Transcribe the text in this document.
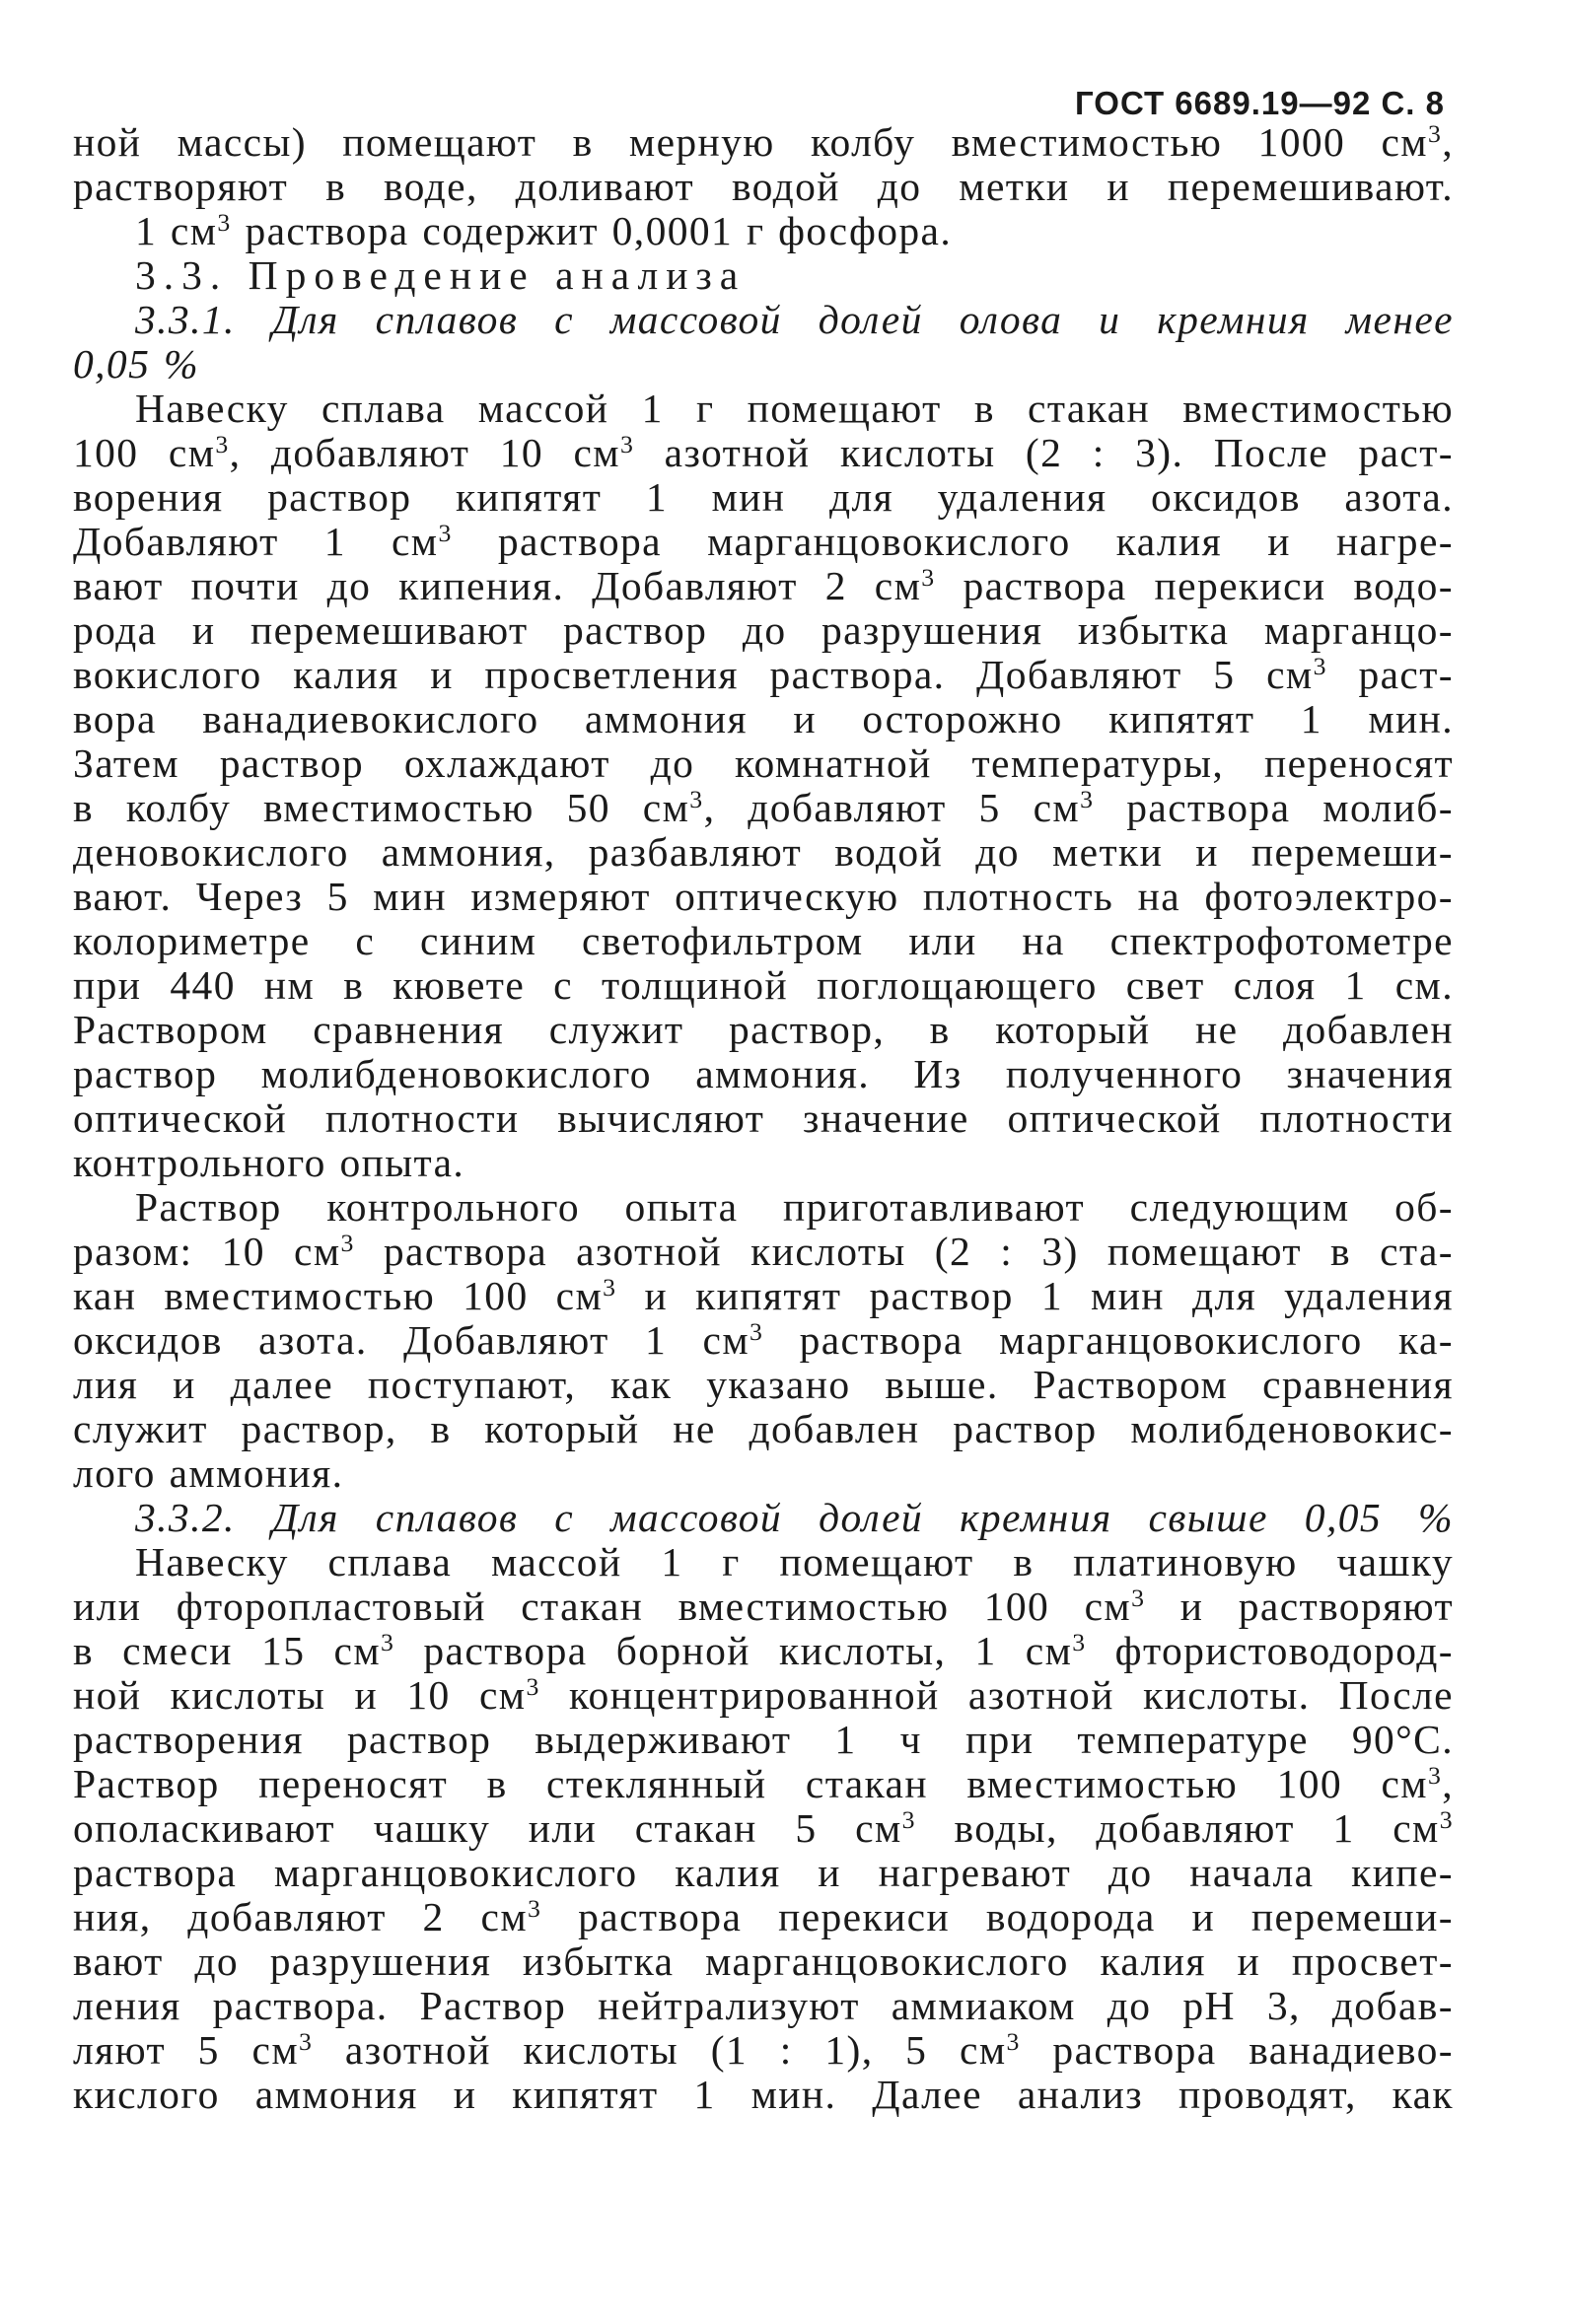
ГОСТ 6689.19—92 С. 8
ной массы) помещают в мерную колбу вместимостью 1000 $см^3$,
растворяют в воде, доливают водой до метки и перемешивают.
1 $см^3$ раствора содержит 0,0001 г фосфора.
3.3. Проведение анализа
3.3.1. Для сплавов с массовой долей олова и кремния менее
0,05 %
Навеску сплава массой 1 г помещают в стакан вместимостью
100 $см^3$, добавляют 10 $см^3$ азотной кислоты (2 : 3). После раст-
ворения раствор кипятят 1 мин для удаления оксидов азота.
Добавляют 1 $см^3$ раствора марганцовокислого калия и нагре-
вают почти до кипения. Добавляют 2 $см^3$ раствора перекиси водо-
рода и перемешивают раствор до разрушения избытка марганцо-
вокислого калия и просветления раствора. Добавляют 5 $см^3$ раст-
вора ванадиевокислого аммония и осторожно кипятят 1 мин.
Затем раствор охлаждают до комнатной температуры, переносят
в колбу вместимостью 50 $см^3$, добавляют 5 $см^3$ раствора молиб-
деновокислого аммония, разбавляют водой до метки и перемеши-
вают. Через 5 мин измеряют оптическую плотность на фотоэлектро-
колориметре с синим светофильтром или на спектрофотометре
при 440 нм в кювете с толщиной поглощающего свет слоя 1 см.
Раствором сравнения служит раствор, в который не добавлен
раствор молибденовокислого аммония. Из полученного значения
оптической плотности вычисляют значение оптической плотности
контрольного опыта.
Раствор контрольного опыта приготавливают следующим об-
разом: 10 $см^3$ раствора азотной кислоты (2 : 3) помещают в ста-
кан вместимостью 100 $см^3$ и кипятят раствор 1 мин для удаления
оксидов азота. Добавляют 1 $см^3$ раствора марганцовокислого ка-
лия и далее поступают, как указано выше. Раствором сравнения
служит раствор, в который не добавлен раствор молибденовокис-
лого аммония.
3.3.2. Для сплавов с массовой долей кремния свыше 0,05 %
Навеску сплава массой 1 г помещают в платиновую чашку
или фторопластовый стакан вместимостью 100 $см^3$ и растворяют
в смеси 15 $см^3$ раствора борной кислоты, 1 $см^3$ фтористоводород-
ной кислоты и 10 $см^3$ концентрированной азотной кислоты. После
растворения раствор выдерживают 1 ч при температуре 90°С.
Раствор переносят в стеклянный стакан вместимостью 100 $см^3$,
ополаскивают чашку или стакан 5 $см^3$ воды, добавляют 1 $см^3$
раствора марганцовокислого калия и нагревают до начала кипе-
ния, добавляют 2 $см^3$ раствора перекиси водорода и перемеши-
вают до разрушения избытка марганцовокислого калия и просвет-
ления раствора. Раствор нейтрализуют аммиаком до рН 3, добав-
ляют 5 $см^3$ азотной кислоты (1 : 1), 5 $см^3$ раствора ванадиево-
кислого аммония и кипятят 1 мин. Далее анализ проводят, как
